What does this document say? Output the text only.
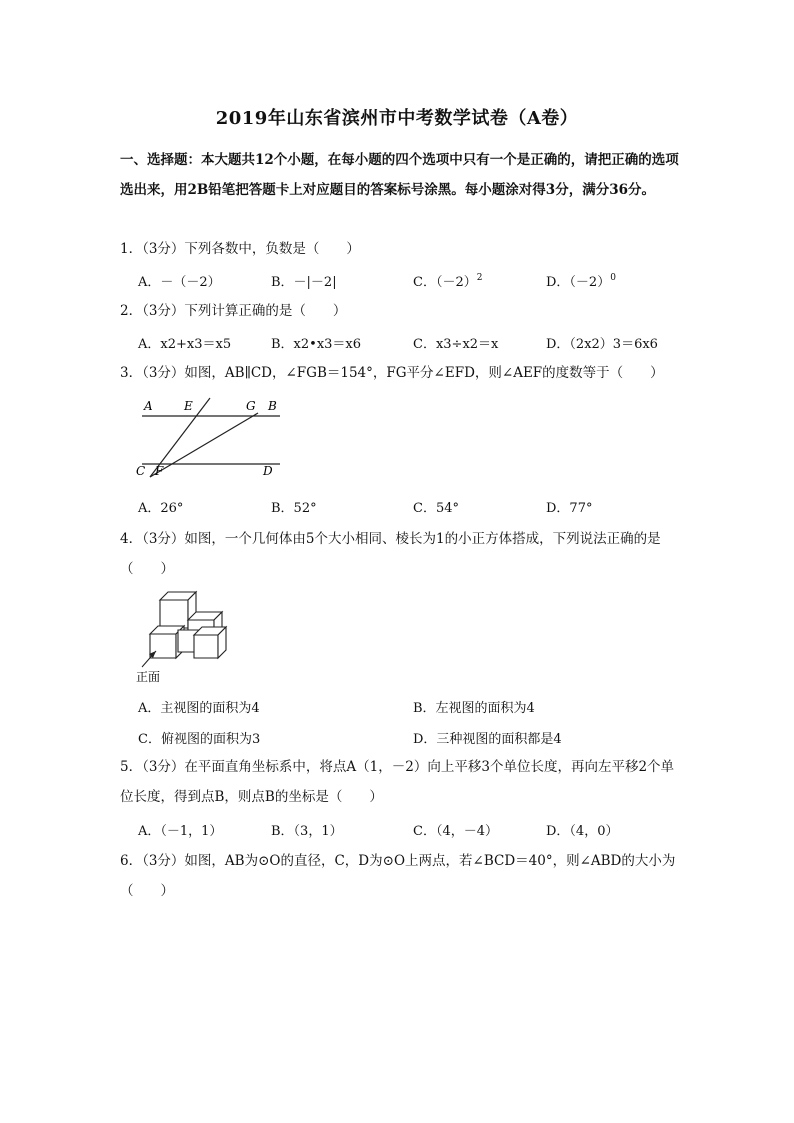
2019年山东省滨州市中考数学试卷（A卷）
一、选择题：本大题共12个小题，在每小题的四个选项中只有一个是正确的，请把正确的选项选出来，用2B铅笔把答题卡上对应题目的答案标号涂黑。每小题涂对得3分，满分36分。
1．（3分）下列各数中，负数是（　　）
A．－（－2）	B．－|－2|	C．$(-2)^2$	D．$(-2)^0$
2．（3分）下列计算正确的是（　　）
A．x2+x3＝x5	B．x2•x3＝x6	C．x3÷x2＝x	D．（2x2）3＝6x6
3．（3分）如图，AB∥CD，∠FGB＝154°，FG平分∠EFD，则∠AEF的度数等于（　　）
A	E	G B
C F	D
A．26°	B．52°	C．54°	D．77°
4．（3分）如图，一个几何体由5个大小相同、棱长为1的小正方体搭成，下列说法正确的是（　　）
正面
A．主视图的面积为4	B．左视图的面积为4
C．俯视图的面积为3	D．三种视图的面积都是4
5．（3分）在平面直角坐标系中，将点A（1，－2）向上平移3个单位长度，再向左平移2个单位长度，得到点B，则点B的坐标是（　　）
A．（－1，1）	B．（3，1）	C．（4，－4）	D．（4，0）
6．（3分）如图，AB为⊙O的直径，C，D为⊙O上两点，若∠BCD＝40°，则∠ABD的大小为（　　）
